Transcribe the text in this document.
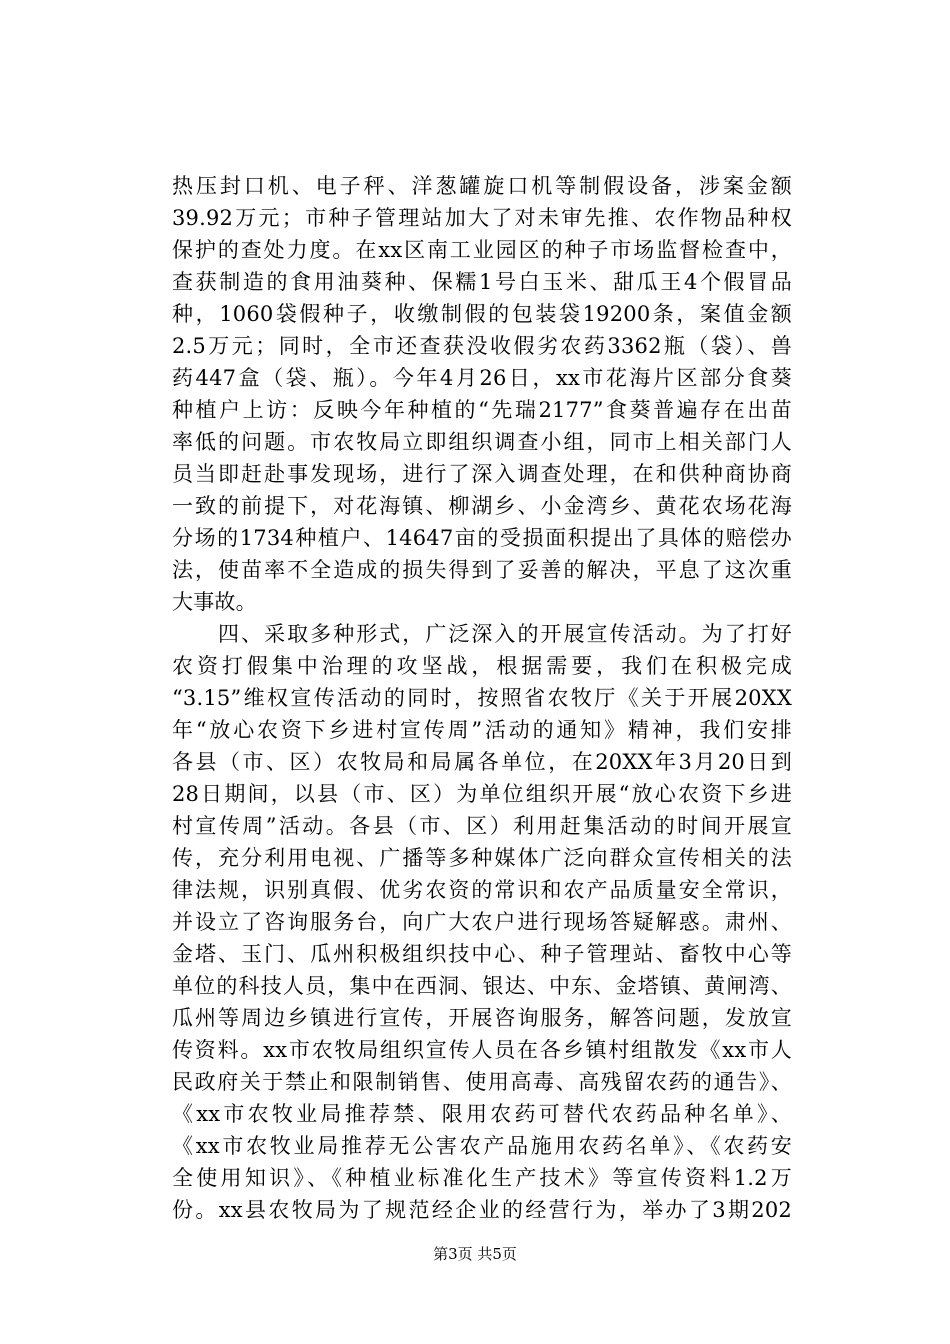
热压封口机、电子秤、洋葱罐旋口机等制假设备，涉案金额
39.92万元；市种子管理站加大了对未审先推、农作物品种权
保护的查处力度。在xx区南工业园区的种子市场监督检查中，
查获制造的食用油葵种、保糯1号白玉米、甜瓜王4个假冒品
种，1060袋假种子，收缴制假的包装袋19200条，案值金额
2.5万元；同时，全市还查获没收假劣农药3362瓶（袋）、兽
药447盒（袋、瓶）。今年4月26日，xx市花海片区部分食葵
种植户上访：反映今年种植的“先瑞2177”食葵普遍存在出苗
率低的问题。市农牧局立即组织调查小组，同市上相关部门人
员当即赶赴事发现场，进行了深入调查处理，在和供种商协商
一致的前提下，对花海镇、柳湖乡、小金湾乡、黄花农场花海
分场的1734种植户、14647亩的受损面积提出了具体的赔偿办
法，使苗率不全造成的损失得到了妥善的解决，平息了这次重
大事故。
　　四、采取多种形式，广泛深入的开展宣传活动。为了打好
农资打假集中治理的攻坚战，根据需要，我们在积极完成
“3.15”维权宣传活动的同时，按照省农牧厅《关于开展20XX
年“放心农资下乡进村宣传周”活动的通知》精神，我们安排
各县（市、区）农牧局和局属各单位，在20XX年3月20日到
28日期间，以县（市、区）为单位组织开展“放心农资下乡进
村宣传周”活动。各县（市、区）利用赶集活动的时间开展宣
传，充分利用电视、广播等多种媒体广泛向群众宣传相关的法
律法规，识别真假、优劣农资的常识和农产品质量安全常识，
并设立了咨询服务台，向广大农户进行现场答疑解惑。肃州、
金塔、玉门、瓜州积极组织技中心、种子管理站、畜牧中心等
单位的科技人员，集中在西洞、银达、中东、金塔镇、黄闸湾、
瓜州等周边乡镇进行宣传，开展咨询服务，解答问题，发放宣
传资料。xx市农牧局组织宣传人员在各乡镇村组散发《xx市人
民政府关于禁止和限制销售、使用高毒、高残留农药的通告》、
《xx市农牧业局推荐禁、限用农药可替代农药品种名单》、
《xx市农牧业局推荐无公害农产品施用农药名单》、《农药安
全使用知识》、《种植业标准化生产技术》等宣传资料1.2万
份。xx县农牧局为了规范经企业的经营行为，举办了3期202
第3页 共5页
